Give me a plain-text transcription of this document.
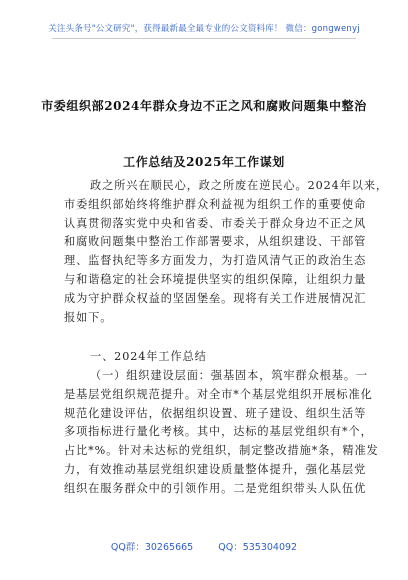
关注头条号"公文研究"，获得最新最全最专业的公文资料库！ 微信：gongwenyj
市委组织部2024年群众身边不正之风和腐败问题集中整治
工作总结及2025年工作谋划
政之所兴在顺民心，政之所废在逆民心。2024年以来，
市委组织部始终将维护群众利益视为组织工作的重要使命
认真贯彻落实党中央和省委、市委关于群众身边不正之风
和腐败问题集中整治工作部署要求，从组织建设、干部管
理、监督执纪等多方面发力，为打造风清气正的政治生态
与和谐稳定的社会环境提供坚实的组织保障，让组织力量
成为守护群众权益的坚固堡垒。现将有关工作进展情况汇
报如下。
一、2024年工作总结
（一）组织建设层面：强基固本，筑牢群众根基。一
是基层党组织规范提升。对全市*个基层党组织开展标准化
规范化建设评估，依据组织设置、班子建设、组织生活等
多项指标进行量化考核。其中，达标的基层党组织有*个，
占比*%。针对未达标的党组织，制定整改措施*条，精准发
力，有效推动基层党组织建设质量整体提升，强化基层党
组织在服务群众中的引领作用。二是党组织带头人队伍优
QQ群：30265665	QQ：535304092
